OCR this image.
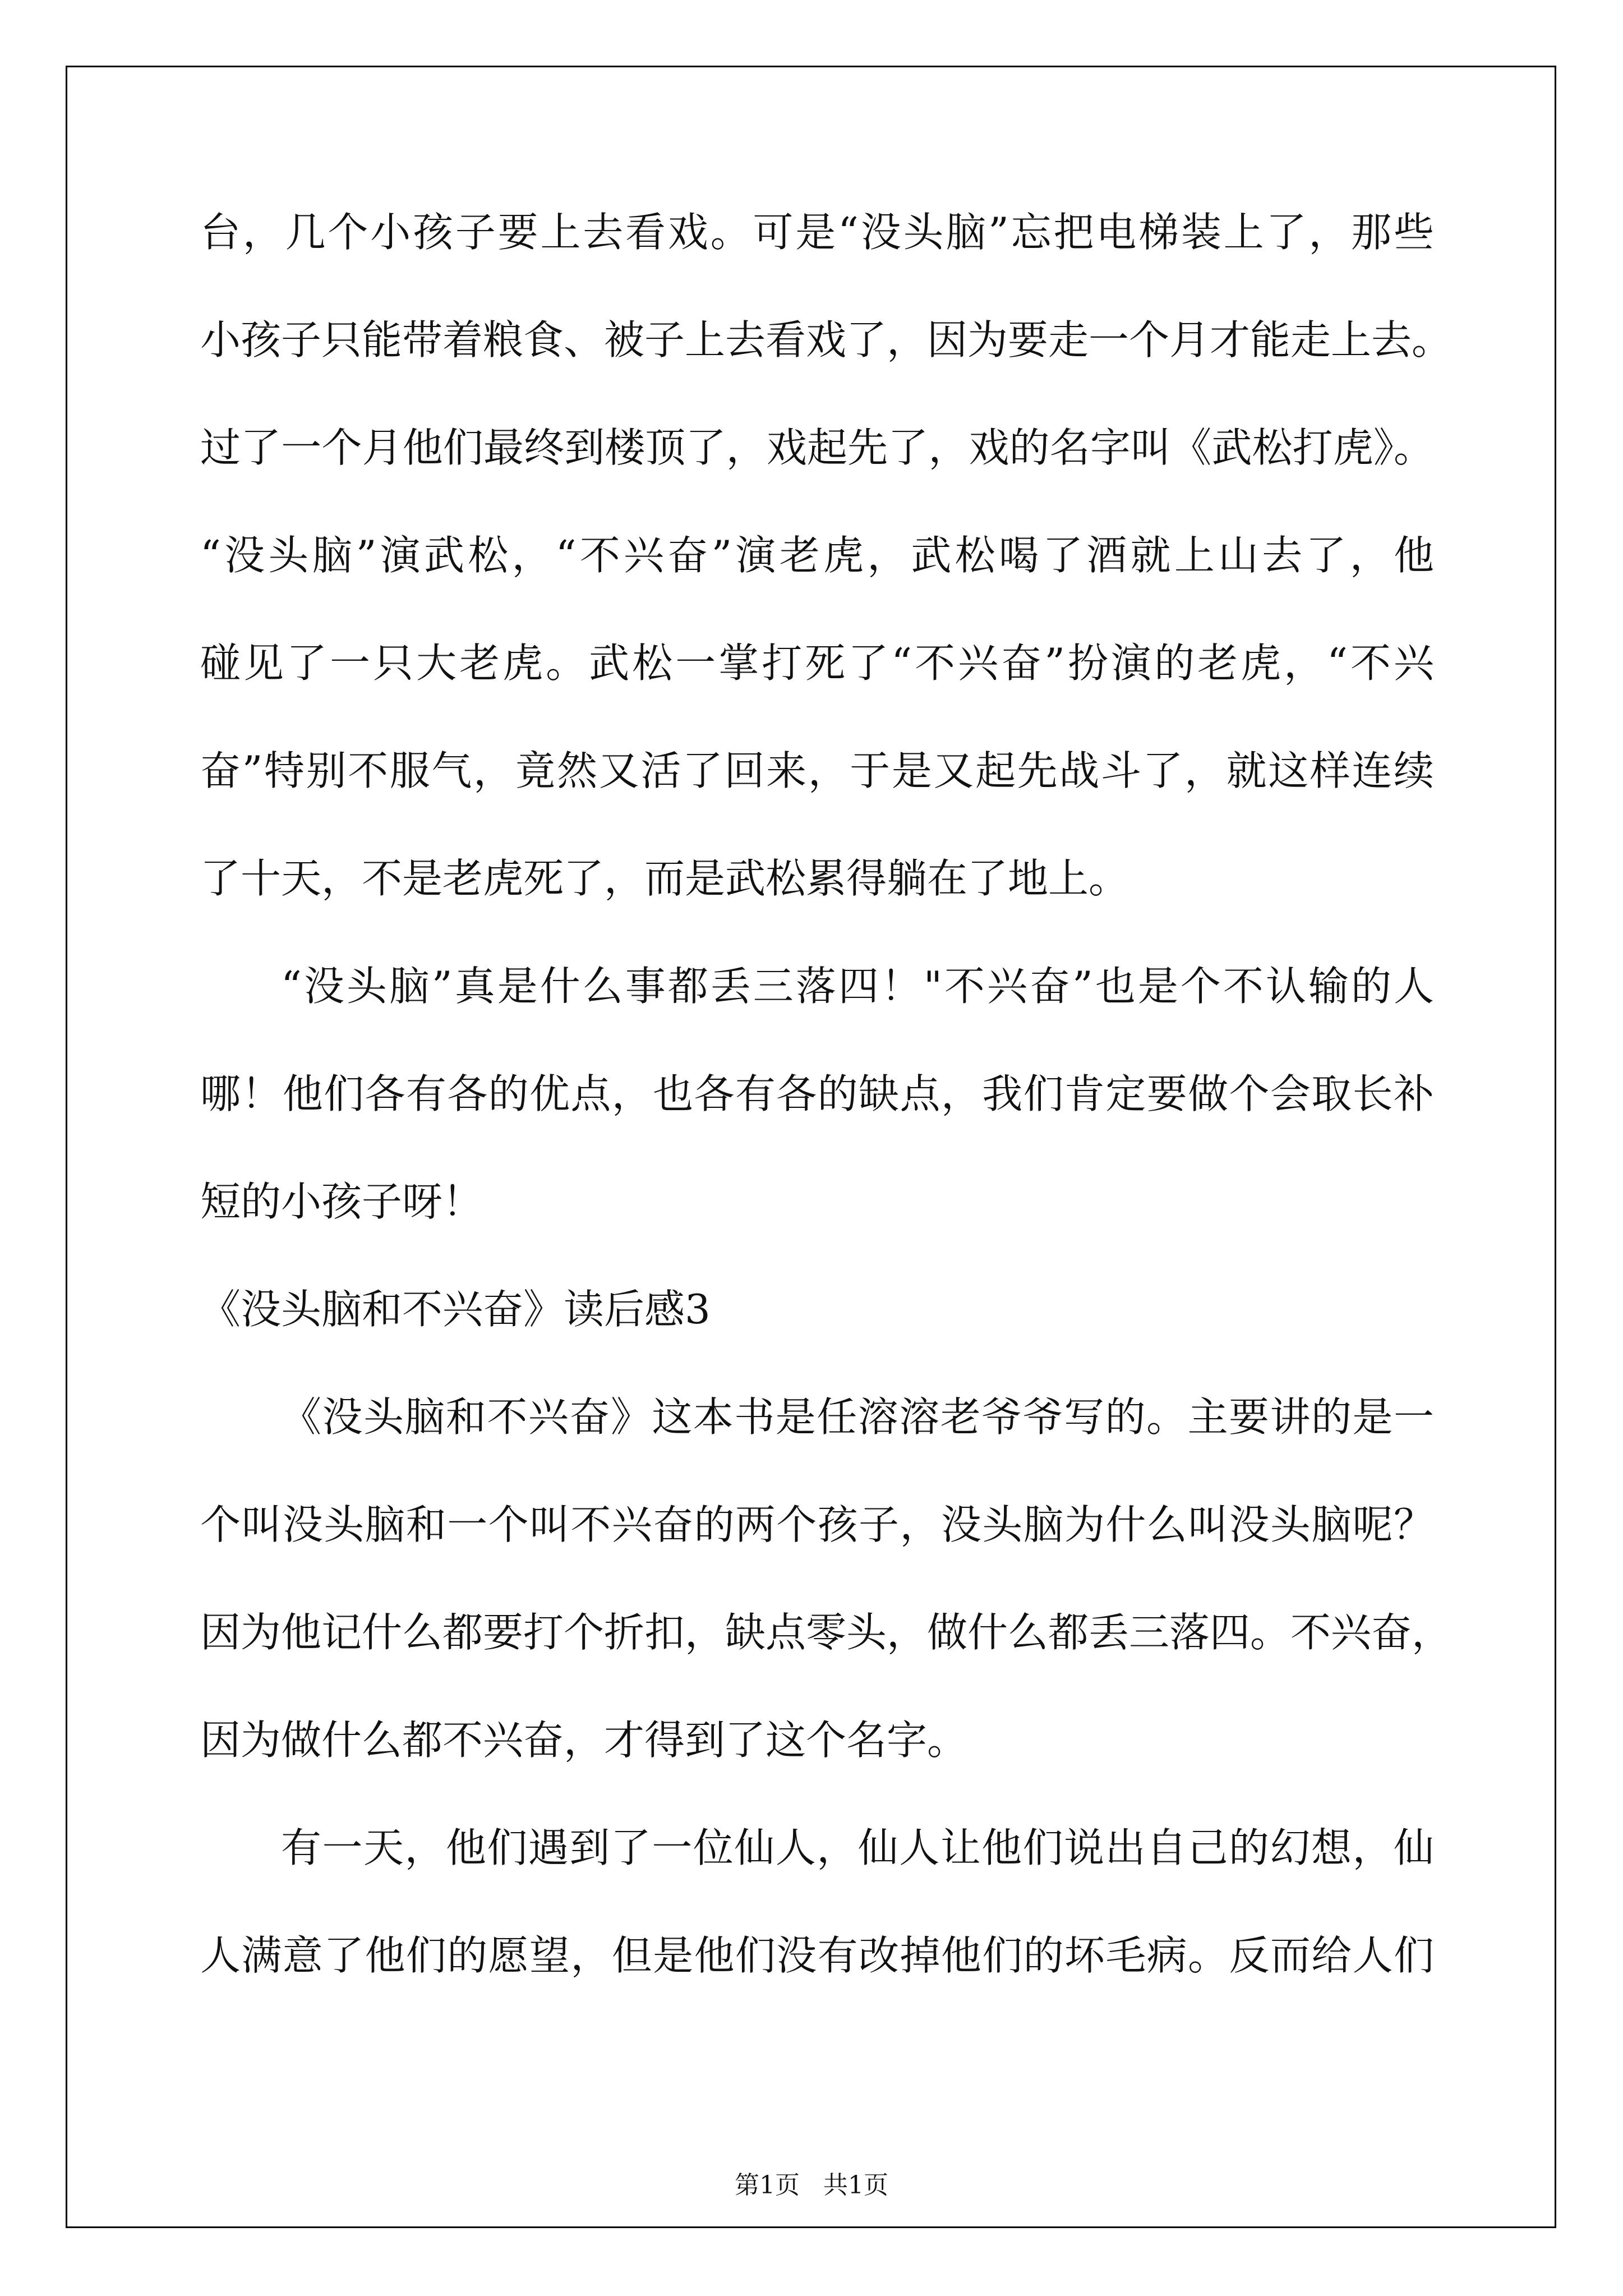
台，几个小孩子要上去看戏。可是“没头脑”忘把电梯装上了，那些
小孩子只能带着粮食、被子上去看戏了，因为要走一个月才能走上去。
过了一个月他们最终到楼顶了，戏起先了，戏的名字叫《武松打虎》。
“没头脑”演武松，“不兴奋”演老虎，武松喝了酒就上山去了，他
碰见了一只大老虎。武松一掌打死了“不兴奋”扮演的老虎，“不兴
奋”特别不服气，竟然又活了回来，于是又起先战斗了，就这样连续
了十天，不是老虎死了，而是武松累得躺在了地上。
“没头脑”真是什么事都丢三落四！"不兴奋”也是个不认输的人
哪！他们各有各的优点，也各有各的缺点，我们肯定要做个会取长补
短的小孩子呀！
《没头脑和不兴奋》读后感3
《没头脑和不兴奋》这本书是任溶溶老爷爷写的。主要讲的是一
个叫没头脑和一个叫不兴奋的两个孩子，没头脑为什么叫没头脑呢？
因为他记什么都要打个折扣，缺点零头，做什么都丢三落四。不兴奋，
因为做什么都不兴奋，才得到了这个名字。
有一天，他们遇到了一位仙人，仙人让他们说出自己的幻想，仙
人满意了他们的愿望，但是他们没有改掉他们的坏毛病。反而给人们
第1页   共1页
